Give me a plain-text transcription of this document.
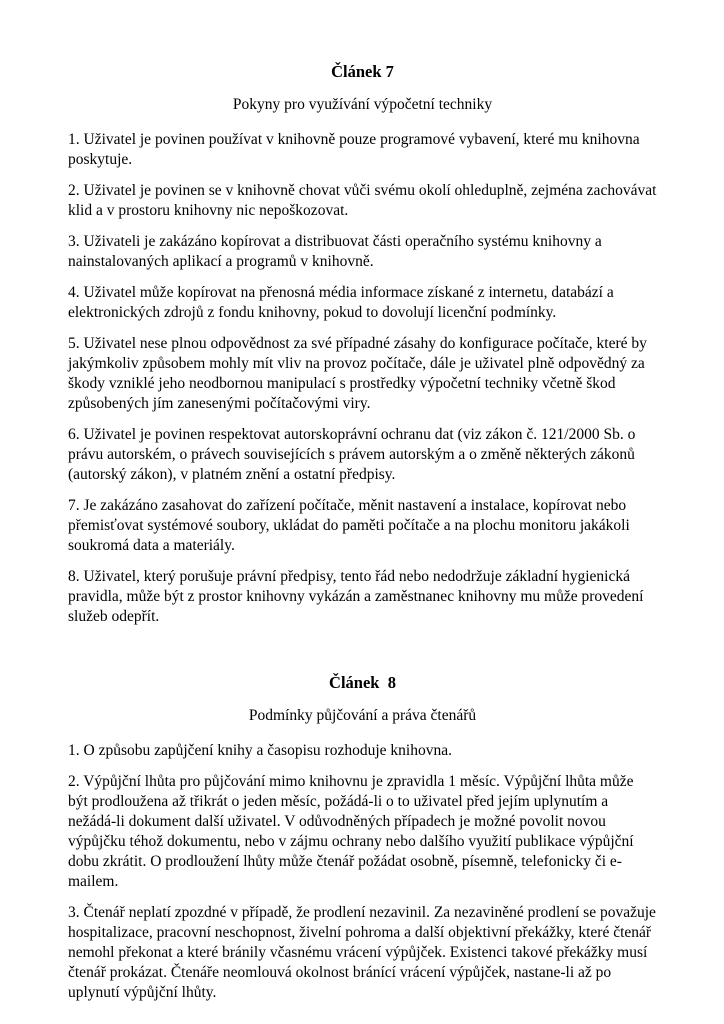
Článek 7

Pokyny pro využívání výpočetní techniky

1. Uživatel je povinen používat v knihovně pouze programové vybavení, které mu knihovna poskytuje.

2. Uživatel je povinen se v knihovně chovat vůči svému okolí ohleduplně, zejména zachovávat klid a v prostoru knihovny nic nepoškozovat.

3. Uživateli je zakázáno kopírovat a distribuovat části operačního systému knihovny a nainstalovaných aplikací a programů v knihovně.

4. Uživatel může kopírovat na přenosná média informace získané z internetu, databází a elektronických zdrojů z fondu knihovny, pokud to dovolují licenční podmínky.

5. Uživatel nese plnou odpovědnost za své případné zásahy do konfigurace počítače, které by jakýmkoliv způsobem mohly mít vliv na provoz počítače, dále je uživatel plně odpovědný za škody vzniklé jeho neodbornou manipulací s prostředky výpočetní techniky včetně škod způsobených jím zanesenými počítačovými viry.

6. Uživatel je povinen respektovat autorskoprávní ochranu dat (viz zákon č. 121/2000 Sb. o právu autorském, o právech souvisejících s právem autorským a o změně některých zákonů (autorský zákon), v platném znění a ostatní předpisy.

7. Je zakázáno zasahovat do zařízení počítače, měnit nastavení a instalace, kopírovat nebo přemisťovat systémové soubory, ukládat do paměti počítače a na plochu monitoru jakákoli soukromá data a materiály.

8. Uživatel, který porušuje právní předpisy, tento řád nebo nedodržuje základní hygienická pravidla, může být z prostor knihovny vykázán a zaměstnanec knihovny mu může provedení služeb odepřít.

Článek  8

Podmínky půjčování a práva čtenářů

1. O způsobu zapůjčení knihy a časopisu rozhoduje knihovna.

2. Výpůjční lhůta pro půjčování mimo knihovnu je zpravidla 1 měsíc. Výpůjční lhůta může být prodloužena až třikrát o jeden měsíc, požádá-li o to uživatel před jejím uplynutím a nežádá-li dokument další uživatel. V odůvodněných případech je možné povolit novou výpůjčku téhož dokumentu, nebo v zájmu ochrany nebo dalšího využití publikace výpůjční dobu zkrátit. O prodloužení lhůty může čtenář požádat osobně, písemně, telefonicky či e-mailem.

3. Čtenář neplatí zpozdné v případě, že prodlení nezavinil. Za nezaviněné prodlení se považuje hospitalizace, pracovní neschopnost, živelní pohroma a další objektivní překážky, které čtenář nemohl překonat a které bránily včasnému vrácení výpůjček. Existenci takové překážky musí čtenář prokázat. Čtenáře neomlouvá okolnost bránící vrácení výpůjček, nastane-li až po uplynutí výpůjční lhůty.
